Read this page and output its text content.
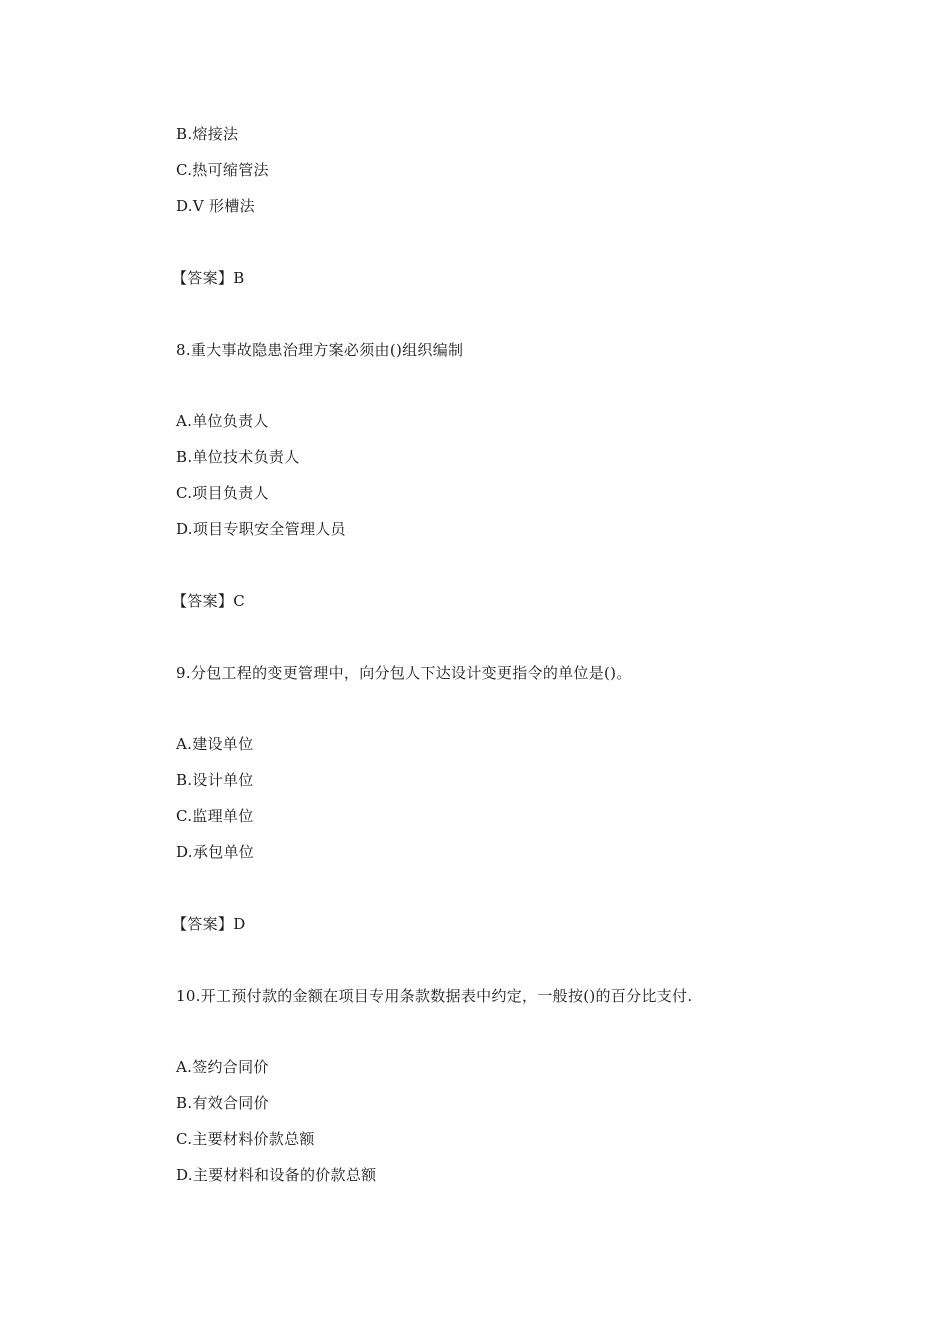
B.熔接法
C.热可缩管法
D.V 形槽法
【答案】B
8.重大事故隐患治理方案必须由()组织编制
A.单位负责人
B.单位技术负责人
C.项目负责人
D.项目专职安全管理人员
【答案】C
9.分包工程的变更管理中，向分包人下达设计变更指令的单位是()。
A.建设单位
B.设计单位
C.监理单位
D.承包单位
【答案】D
10.开工预付款的金额在项目专用条款数据表中约定，一般按()的百分比支付.
A.签约合同价
B.有效合同价
C.主要材料价款总额
D.主要材料和设备的价款总额
